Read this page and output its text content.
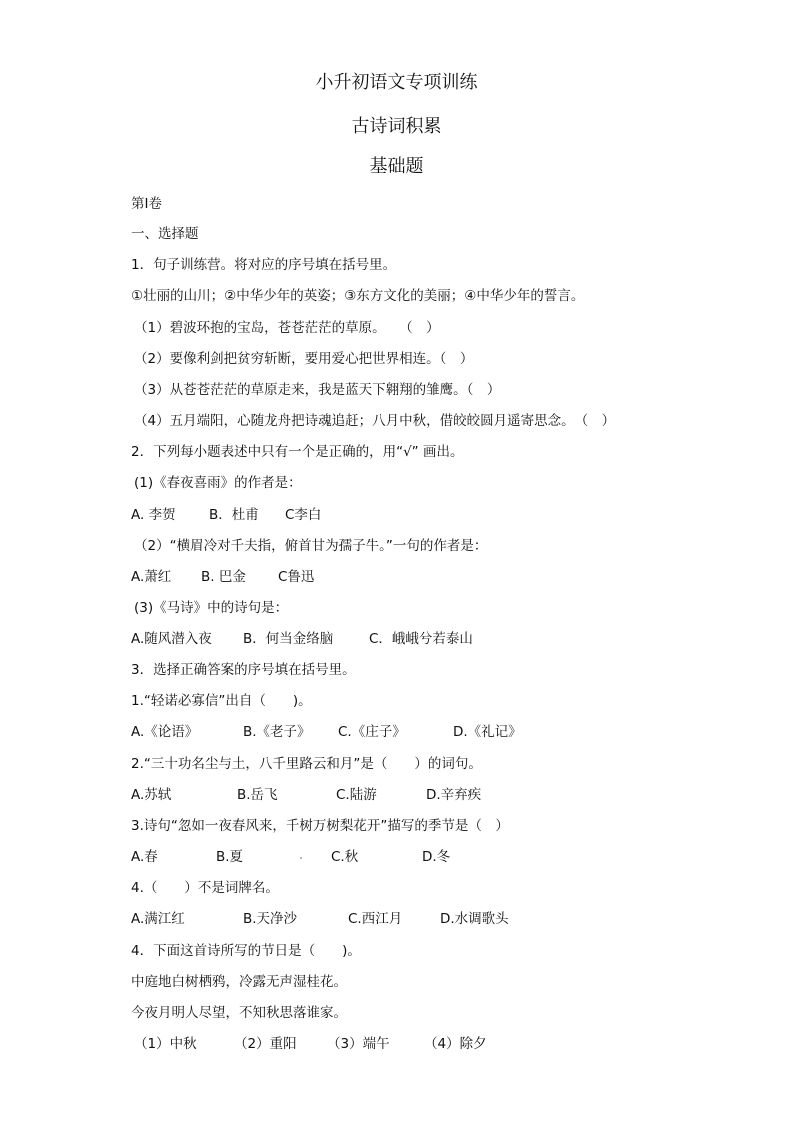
小升初语文专项训练
古诗词积累
基础题
第Ⅰ卷
一、选择题
1．句子训练营。将对应的序号填在括号里。
①壮丽的山川；②中华少年的英姿；③东方文化的美丽；④中华少年的誓言。
（1）碧波环抱的宝岛，苍苍茫茫的草原。　　（　）
（2）要像利剑把贫穷斩断，要用爱心把世界相连。（　）
（3）从苍苍茫茫的草原走来，我是蓝天下翱翔的雏鹰。（　）
（4）五月端阳，心随龙舟把诗魂追赶；八月中秋，借皎皎圆月遥寄思念。　（　）
2．下列每小题表述中只有一个是正确的，用“√” 画出。
(1)《春夜喜雨》的作者是：
A. 李贺 B．杜甫 C李白
（2）“横眉冷对千夫指，俯首甘为孺子牛。”一句的作者是：
A.萧红 B. 巴金 C鲁迅
(3)《马诗》中的诗句是：
A.随风潜入夜 B．何当金络脑	C．峨峨兮若泰山
3．选择正确答案的序号填在括号里。
1.“轻诺必寡信”出自（　　)。
A.《论语》	B.《老子》 C.《庄子》	D.《礼记》
2.“三十功名尘与土，八千里路云和月”是（　　）的词句。
A.苏轼	B.岳飞	C.陆游	D.辛弃疾
3.诗句“忽如一夜春风来，千树万树梨花开”描写的季节是（　）
A.春	B.夏	C.秋	D.冬
4.（　　）不是词牌名。
A.满江红	B.天净沙	C.西江月	D.水调歌头
4．下面这首诗所写的节日是（　　)。
中庭地白树栖鸦，冷露无声湿桂花。
今夜月明人尽望，不知秋思落谁家。
（1）中秋	（2）重阳 （3）端午	（4）除夕
